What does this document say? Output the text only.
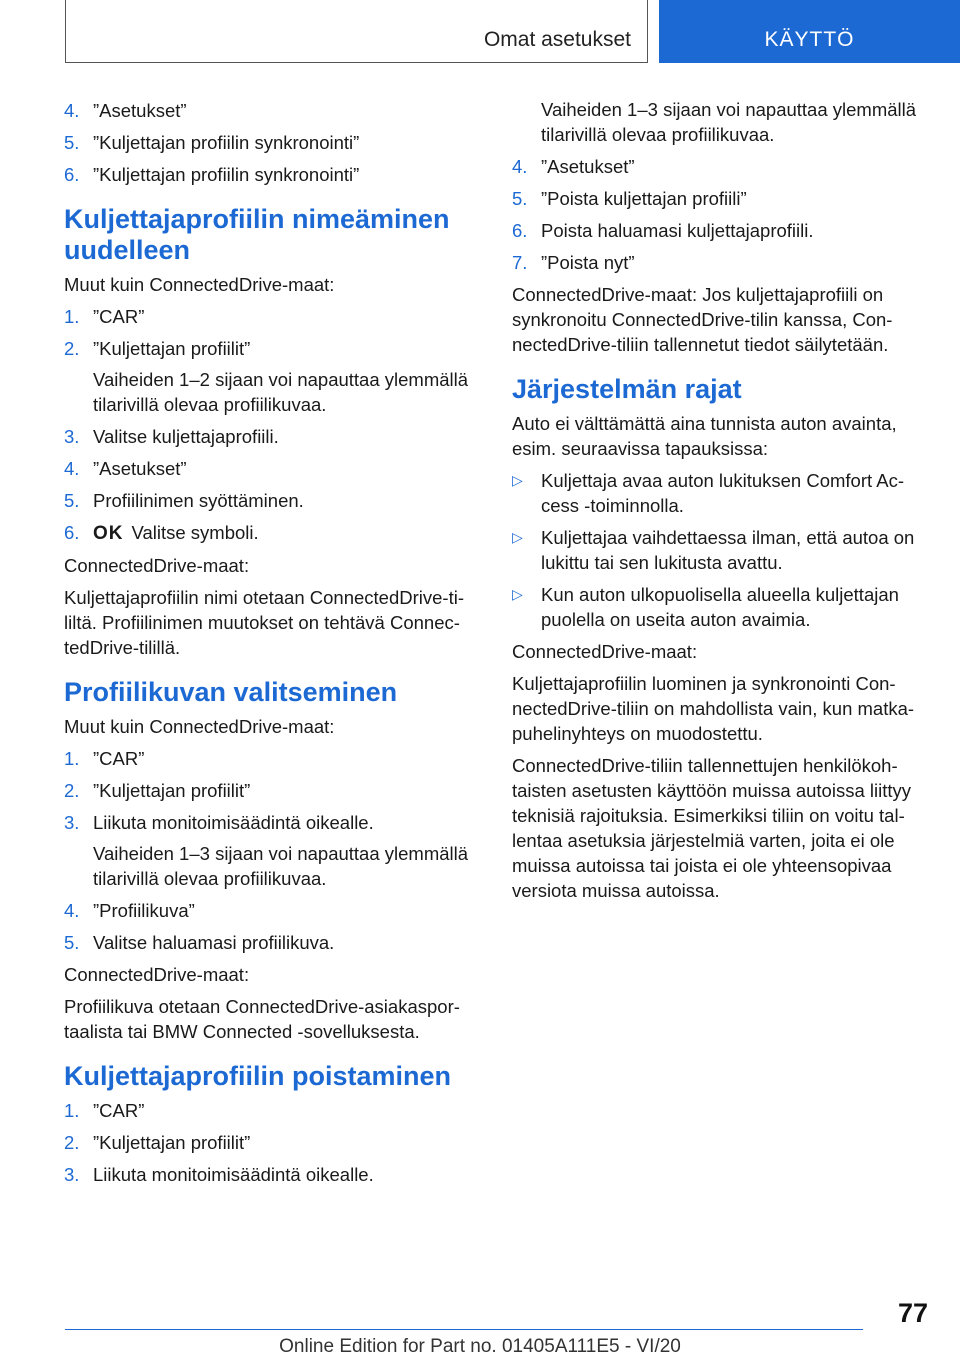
Omat asetukset	KÄYTTÖ
4. ”Asetukset”
5. ”Kuljettajan profiilin synkronointi”
6. ”Kuljettajan profiilin synkronointi”
Kuljettajaprofiilin nimeäminen uudelleen
Muut kuin ConnectedDrive-maat:
1. ”CAR”
2. ”Kuljettajan profiilit”
Vaiheiden 1–2 sijaan voi napauttaa ylemmällä tilarivillä olevaa profiilikuvaa.
3. Valitse kuljettajaprofiili.
4. ”Asetukset”
5. Profiilinimen syöttäminen.
6. OK Valitse symboli.
ConnectedDrive-maat:
Kuljettajaprofiilin nimi otetaan ConnectedDrive-tililtä. Profiilinimen muutokset on tehtävä ConnectedDrive-tilillä.
Profiilikuvan valitseminen
Muut kuin ConnectedDrive-maat:
1. ”CAR”
2. ”Kuljettajan profiilit”
3. Liikuta monitoimisäädintä oikealle.
Vaiheiden 1–3 sijaan voi napauttaa ylemmällä tilarivillä olevaa profiilikuvaa.
4. ”Profiilikuva”
5. Valitse haluamasi profiilikuva.
ConnectedDrive-maat:
Profiilikuva otetaan ConnectedDrive-asiakasportaalista tai BMW Connected -sovelluksesta.
Kuljettajaprofiilin poistaminen
1. ”CAR”
2. ”Kuljettajan profiilit”
3. Liikuta monitoimisäädintä oikealle.
Vaiheiden 1–3 sijaan voi napauttaa ylemmällä tilarivillä olevaa profiilikuvaa.
4. ”Asetukset”
5. ”Poista kuljettajan profiili”
6. Poista haluamasi kuljettajaprofiili.
7. ”Poista nyt”
ConnectedDrive-maat: Jos kuljettajaprofiili on synkronoitu ConnectedDrive-tilin kanssa, ConnectedDrive-tiliin tallennetut tiedot säilytetään.
Järjestelmän rajat
Auto ei välttämättä aina tunnista auton avainta, esim. seuraavissa tapauksissa:
▷ Kuljettaja avaa auton lukituksen Comfort Access -toiminnolla.
▷ Kuljettajaa vaihdettaessa ilman, että autoa on lukittu tai sen lukitusta avattu.
▷ Kun auton ulkopuolisella alueella kuljettajan puolella on useita auton avaimia.
ConnectedDrive-maat:
Kuljettajaprofiilin luominen ja synkronointi ConnectedDrive-tiliin on mahdollista vain, kun matkapuhelinyhteys on muodostettu.
ConnectedDrive-tiliin tallennettujen henkilökohtaisten asetusten käyttöön muissa autoissa liittyy teknisiä rajoituksia. Esimerkiksi tiliin on voitu tallentaa asetuksia järjestelmiä varten, joita ei ole muissa autoissa tai joista ei ole yhteensopivaa versiota muissa autoissa.
77
Online Edition for Part no. 01405A111E5 - VI/20
